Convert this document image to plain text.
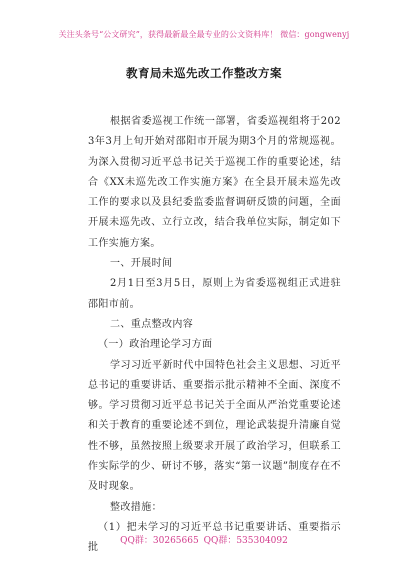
关注头条号“公文研究”，获得最新最全最专业的公文资料库！ 微信：gongwenyj
教育局未巡先改工作整改方案

根据省委巡视工作统一部署，省委巡视组将于2023年3月上旬开始对邵阳市开展为期3个月的常规巡视。为深入贯彻习近平总书记关于巡视工作的重要论述，结合《XX未巡先改工作实施方案》在全县开展未巡先改工作的要求以及县纪委监委监督调研反馈的问题，全面开展未巡先改、立行立改，结合我单位实际，制定如下工作实施方案。

一、开展时间

2月1日至3月5日，原则上为省委巡视组正式进驻邵阳市前。

二、重点整改内容

（一）政治理论学习方面

学习习近平新时代中国特色社会主义思想、习近平总书记的重要讲话、重要指示批示精神不全面、深度不够。学习贯彻习近平总书记关于全面从严治党重要论述和关于教育的重要论述不到位，理论武装提升清廉自觉性不够，虽然按照上级要求开展了政治学习，但联系工作实际学的少、研讨不够，落实“第一议题”制度存在不及时现象。

整改措施：

（1）把未学习的习近平总书记重要讲话、重要指示批

QQ群：30265665 QQ群：535304092
